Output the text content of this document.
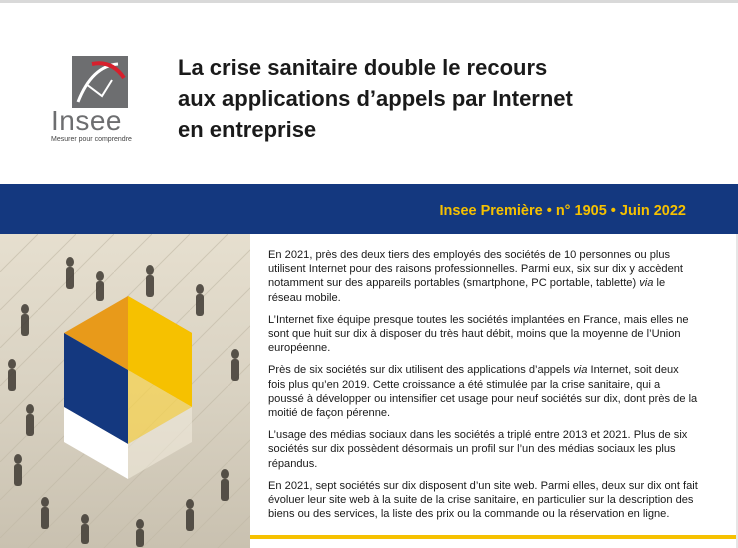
Insee
Mesurer pour comprendre
La crise sanitaire double le recours
aux applications d’appels par Internet
en entreprise
Insee Première • n° 1905 • Juin 2022

En 2021, près des deux tiers des employés des sociétés de 10 personnes ou plus utilisent Internet pour des raisons professionnelles. Parmi eux, six sur dix y accèdent notamment sur des appareils portables (smartphone, PC portable, tablette) via le réseau mobile.

L’Internet fixe équipe presque toutes les sociétés implantées en France, mais elles ne sont que huit sur dix à disposer du très haut débit, moins que la moyenne de l’Union européenne.

Près de six sociétés sur dix utilisent des applications d’appels via Internet, soit deux fois plus qu’en 2019. Cette croissance a été stimulée par la crise sanitaire, qui a poussé à développer ou intensifier cet usage pour neuf sociétés sur dix, dont près de la moitié de façon pérenne.

L’usage des médias sociaux dans les sociétés a triplé entre 2013 et 2021. Plus de six sociétés sur dix possèdent désormais un profil sur l’un des médias sociaux les plus répandus.

En 2021, sept sociétés sur dix disposent d’un site web. Parmi elles, deux sur dix ont fait évoluer leur site web à la suite de la crise sanitaire, en particulier sur la description des biens ou des services, la liste des prix ou la commande ou la réservation en ligne.
